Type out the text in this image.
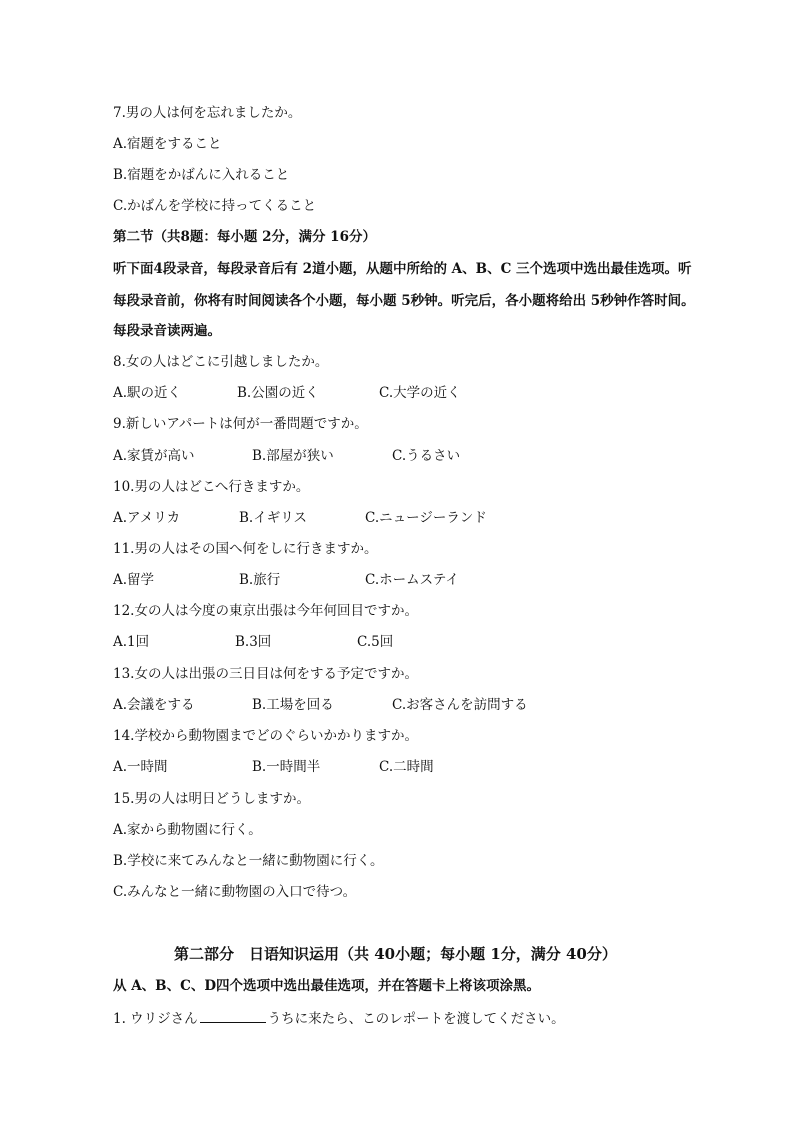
7.男の人は何を忘れましたか。
A.宿題をすること
B.宿題をかばんに入れること
C.かばんを学校に持ってくること
第二节（共8题：每小题 2分，满分 16分）
听下面4段录音，每段录音后有 2道小题，从题中所给的 A、B、C 三个选项中选出最佳选项。听
每段录音前，你将有时间阅读各个小题，每小题 5秒钟。听完后，各小题将给出 5秒钟作答时间。
每段录音读两遍。
8.女の人はどこに引越しましたか。
A.駅の近く	B.公園の近く	C.大学の近く
9.新しいアパートは何が一番問題ですか。
A.家賃が高い	B.部屋が狭い	C.うるさい
10.男の人はどこへ行きますか。
A.アメリカ	B.イギリス	C.ニュージーランド
11.男の人はその国へ何をしに行きますか。
A.留学	B.旅行	C.ホームステイ
12.女の人は今度の東京出張は今年何回目ですか。
A.1回	B.3回	C.5回
13.女の人は出張の三日目は何をする予定ですか。
A.会議をする	B.工場を回る	C.お客さんを訪問する
14.学校から動物園までどのぐらいかかりますか。
A.一時間	B.一時間半	C.二時間
15.男の人は明日どうしますか。
A.家から動物園に行く。
B.学校に来てみんなと一緒に動物園に行く。
C.みんなと一緒に動物園の入口で待つ。
第二部分　日语知识运用（共 40小题；每小题 1分，满分 40分）
从 A、B、C、D四个选项中选出最佳选项，并在答题卡上将该项涂黑。
1. ウリジさん	うちに来たら、このレポートを渡してください。
